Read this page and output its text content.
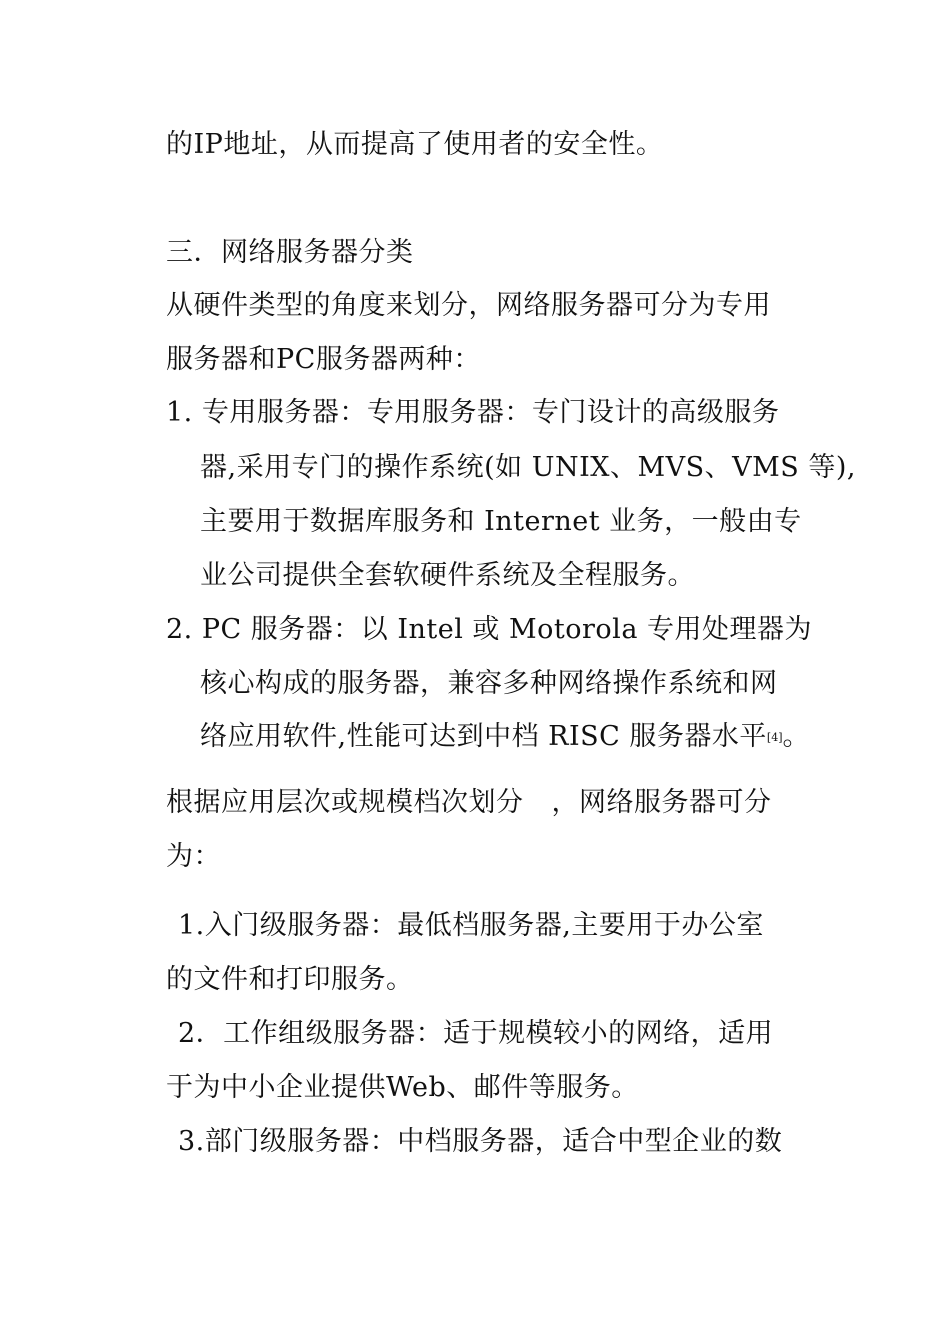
的IP地址，从而提高了使用者的安全性。
三．网络服务器分类
从硬件类型的角度来划分，网络服务器可分为专用
服务器和PC服务器两种：
1. 专用服务器：专用服务器：专门设计的高级服务
器,采用专门的操作系统(如 UNIX、MVS、VMS 等),
主要用于数据库服务和 Internet 业务，一般由专
业公司提供全套软硬件系统及全程服务。
2. PC 服务器：以 Intel 或 Motorola 专用处理器为
核心构成的服务器，兼容多种网络操作系统和网
络应用软件,性能可达到中档 RISC 服务器水平[4]。
根据应用层次或规模档次划分 ，网络服务器可分
为：
1.入门级服务器：最低档服务器,主要用于办公室
的文件和打印服务。
2．工作组级服务器：适于规模较小的网络，适用
于为中小企业提供Web、邮件等服务。
3.部门级服务器：中档服务器，适合中型企业的数
